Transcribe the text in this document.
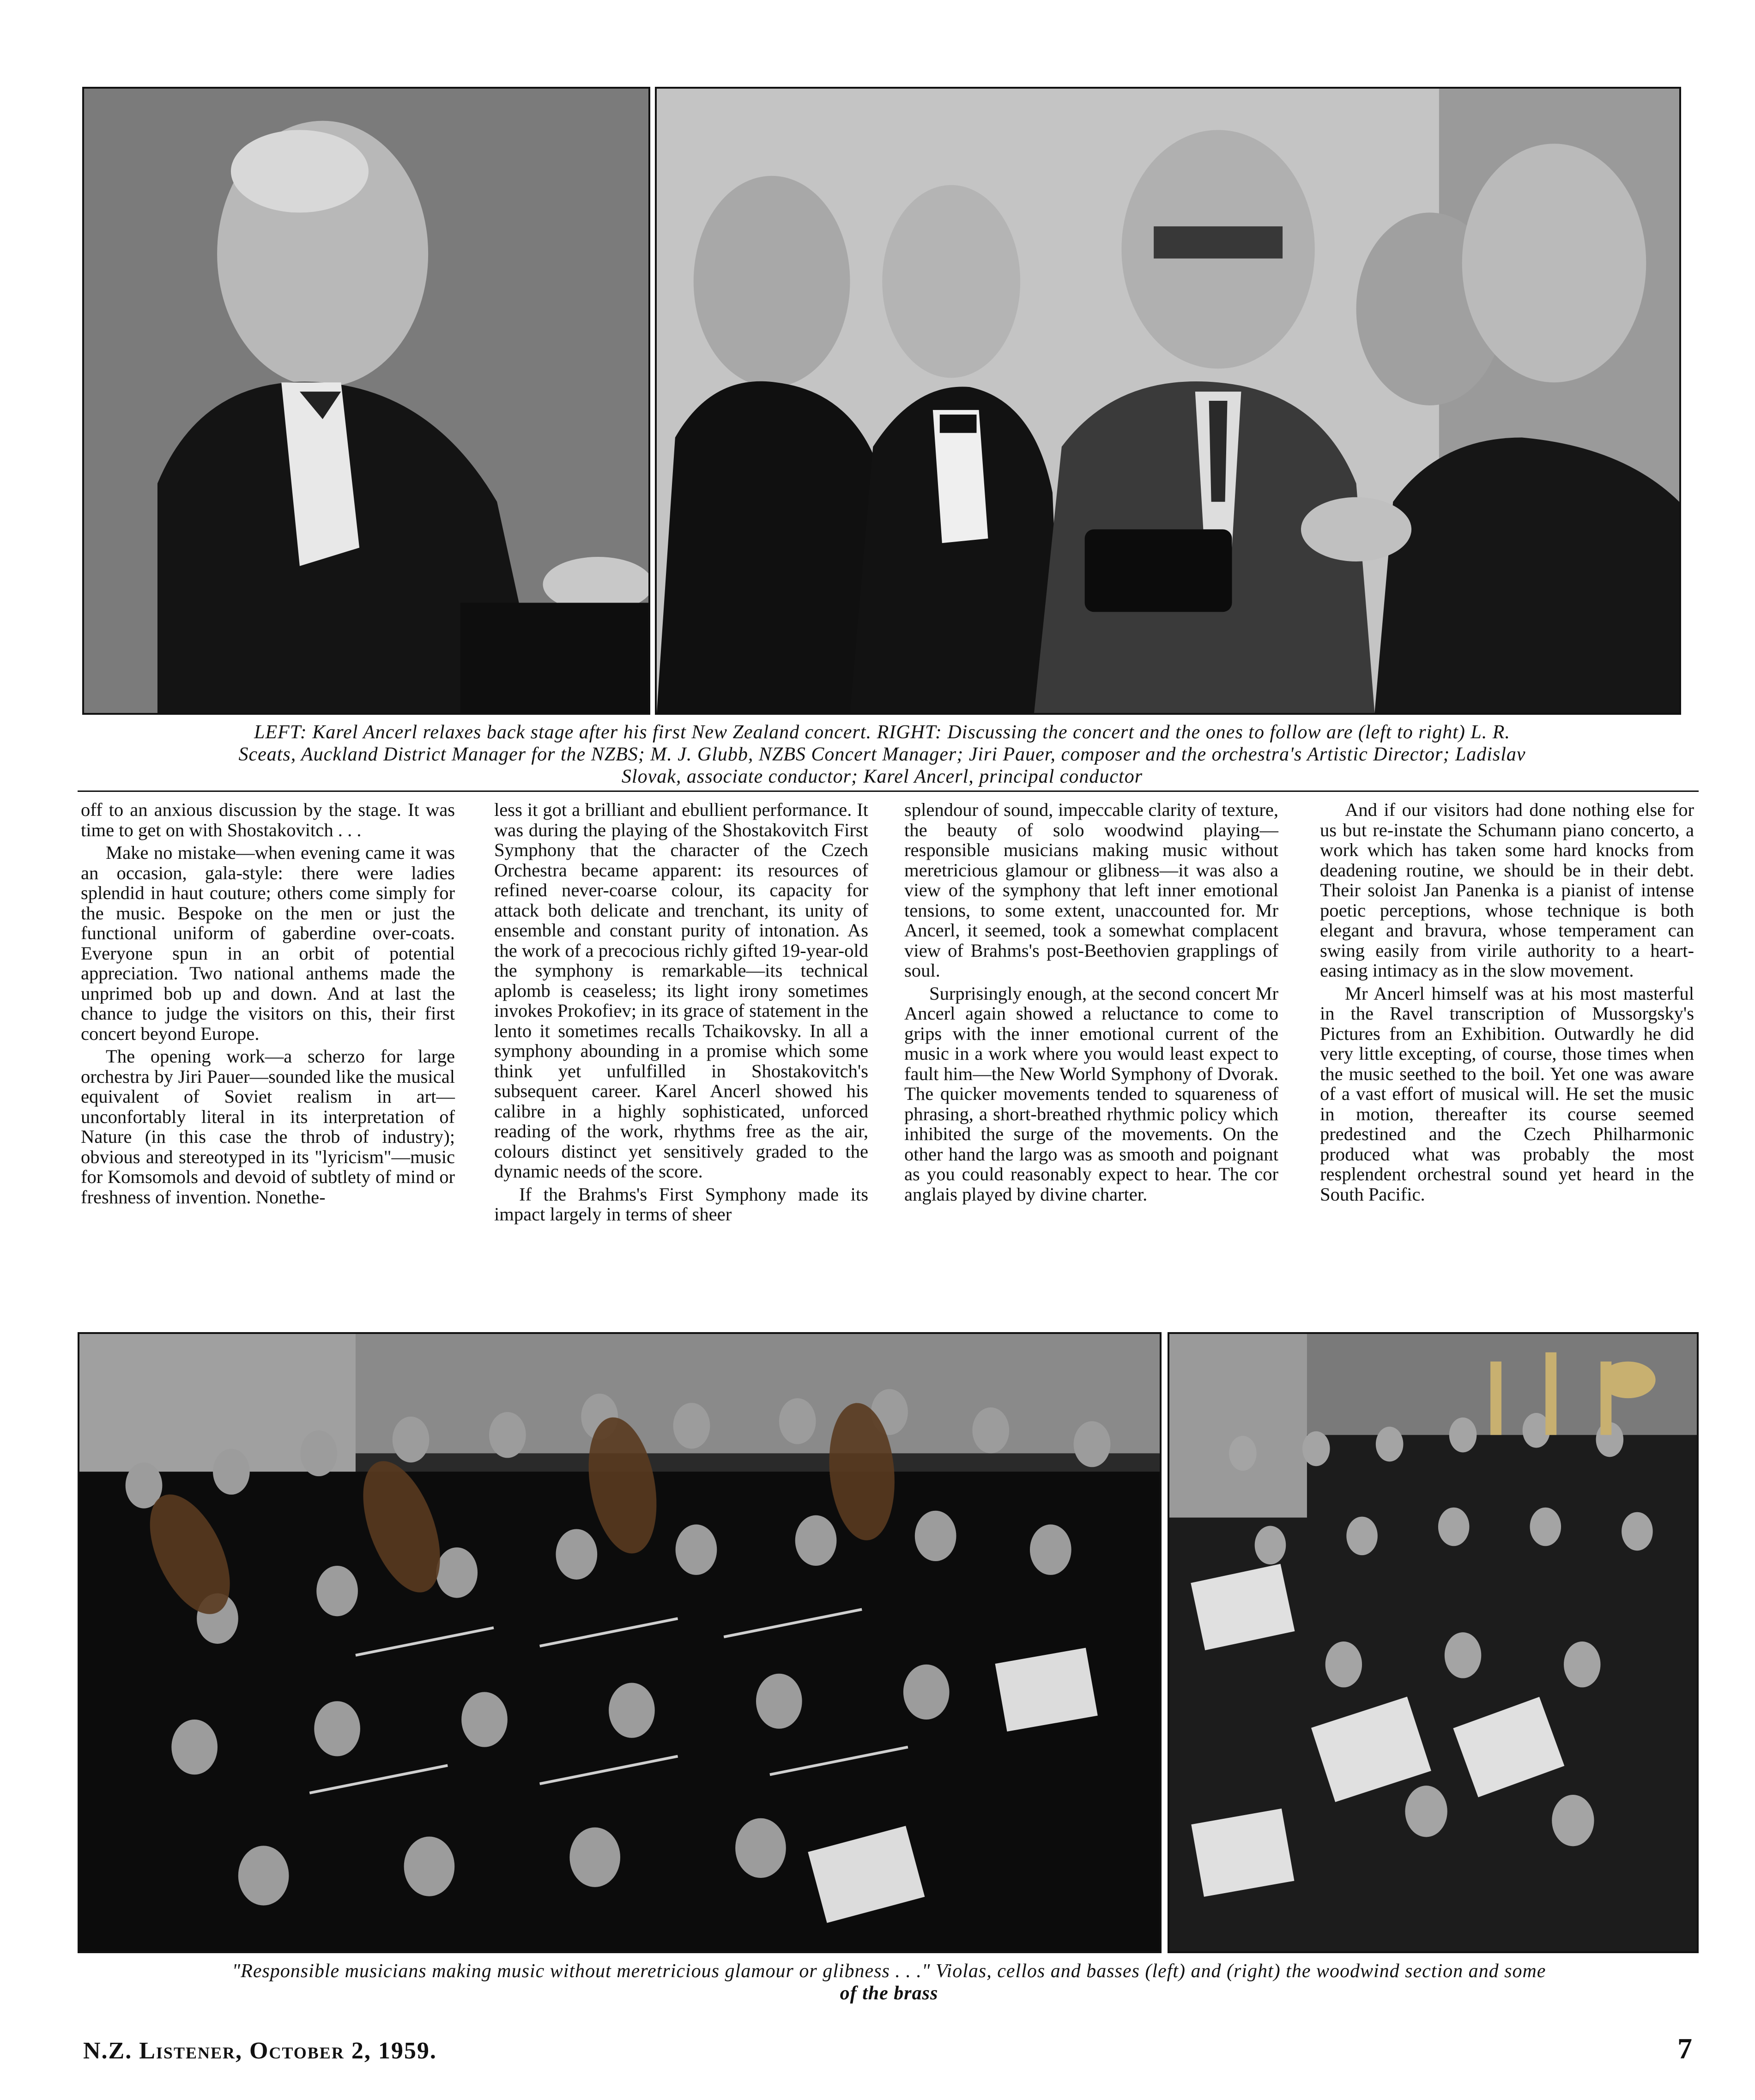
LEFT: Karel Ancerl relaxes back stage after his first New Zealand concert. RIGHT: Discussing the concert and the ones to follow are (left to right) L. R.
Sceats, Auckland District Manager for the NZBS; M. J. Glubb, NZBS Concert Manager; Jiri Pauer, composer and the orchestra's Artistic Director; Ladislav
Slovak, associate conductor; Karel Ancerl, principal conductor

off to an anxious discussion by the stage. It was time to get on with Shostakovitch . . .

Make no mistake—when evening came it was an occasion, gala-style: there were ladies splendid in haut couture; others come simply for the music. Bespoke on the men or just the functional uniform of gaberdine over-coats. Everyone spun in an orbit of potential appreciation. Two national anthems made the unprimed bob up and down. And at last the chance to judge the visitors on this, their first concert beyond Europe.

The opening work—a scherzo for large orchestra by Jiri Pauer—sounded like the musical equivalent of Soviet realism in art—unconfortably literal in its interpretation of Nature (in this case the throb of industry); obvious and stereotyped in its "lyricism"—music for Komsomols and devoid of subtlety of mind or freshness of invention. Nonethe-

less it got a brilliant and ebullient performance. It was during the playing of the Shostakovitch First Symphony that the character of the Czech Orchestra became apparent: its resources of refined never-coarse colour, its capacity for attack both delicate and trenchant, its unity of ensemble and constant purity of intonation. As the work of a precocious richly gifted 19-year-old the symphony is remarkable—its technical aplomb is ceaseless; its light irony sometimes invokes Prokofiev; in its grace of statement in the lento it sometimes recalls Tchaikovsky. In all a symphony abounding in a promise which some think yet unfulfilled in Shostakovitch's subsequent career. Karel Ancerl showed his calibre in a highly sophisticated, unforced reading of the work, rhythms free as the air, colours distinct yet sensitively graded to the dynamic needs of the score.

If the Brahms's First Symphony made its impact largely in terms of sheer

splendour of sound, impeccable clarity of texture, the beauty of solo woodwind playing—responsible musicians making music without meretricious glamour or glibness—it was also a view of the symphony that left inner emotional tensions, to some extent, unaccounted for. Mr Ancerl, it seemed, took a somewhat complacent view of Brahms's post-Beethovien grapplings of soul.

Surprisingly enough, at the second concert Mr Ancerl again showed a reluctance to come to grips with the inner emotional current of the music in a work where you would least expect to fault him—the New World Symphony of Dvorak. The quicker movements tended to squareness of phrasing, a short-breathed rhythmic policy which inhibited the surge of the movements. On the other hand the largo was as smooth and poignant as you could reasonably expect to hear. The cor anglais played by divine charter.

And if our visitors had done nothing else for us but re-instate the Schumann piano concerto, a work which has taken some hard knocks from deadening routine, we should be in their debt. Their soloist Jan Panenka is a pianist of intense poetic perceptions, whose technique is both elegant and bravura, whose temperament can swing easily from virile authority to a heart-easing intimacy as in the slow movement.

Mr Ancerl himself was at his most masterful in the Ravel transcription of Mussorgsky's Pictures from an Exhibition. Outwardly he did very little excepting, of course, those times when the music seethed to the boil. Yet one was aware of a vast effort of musical will. He set the music in motion, thereafter its course seemed predestined and the Czech Philharmonic produced what was probably the most resplendent orchestral sound yet heard in the South Pacific.

"Responsible musicians making music without meretricious glamour or glibness . . ." Violas, cellos and basses (left) and (right) the woodwind section and some
of the brass
N.Z. Listener, October 2, 1959.	7
